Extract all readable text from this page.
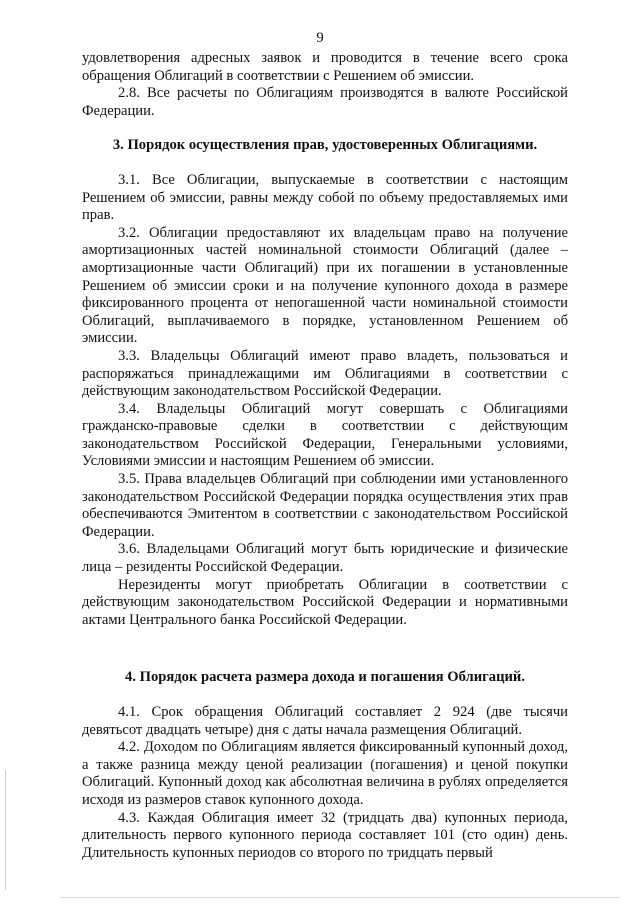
9

удовлетворения адресных заявок и проводится в течение всего срока обращения Облигаций в соответствии с Решением об эмиссии.

2.8. Все расчеты по Облигациям производятся в валюте Российской Федерации.

3. Порядок осуществления прав, удостоверенных Облигациями.

3.1. Все Облигации, выпускаемые в соответствии с настоящим Решением об эмиссии, равны между собой по объему предоставляемых ими прав.

3.2. Облигации предоставляют их владельцам право на получение амортизационных частей номинальной стоимости Облигаций (далее – амортизационные части Облигаций) при их погашении в установленные Решением об эмиссии сроки и на получение купонного дохода в размере фиксированного процента от непогашенной части номинальной стоимости Облигаций, выплачиваемого в порядке, установленном Решением об эмиссии.

3.3. Владельцы Облигаций имеют право владеть, пользоваться и распоряжаться принадлежащими им Облигациями в соответствии с действующим законодательством Российской Федерации.

3.4. Владельцы Облигаций могут совершать с Облигациями гражданско-правовые сделки в соответствии с действующим законодательством Российской Федерации, Генеральными условиями, Условиями эмиссии и настоящим Решением об эмиссии.

3.5. Права владельцев Облигаций при соблюдении ими установленного законодательством Российской Федерации порядка осуществления этих прав обеспечиваются Эмитентом в соответствии с законодательством Российской Федерации.

3.6. Владельцами Облигаций могут быть юридические и физические лица – резиденты Российской Федерации.

Нерезиденты могут приобретать Облигации в соответствии с действующим законодательством Российской Федерации и нормативными актами Центрального банка Российской Федерации.

4. Порядок расчета размера дохода и погашения Облигаций.

4.1. Срок обращения Облигаций составляет 2 924 (две тысячи девятьсот двадцать четыре) дня с даты начала размещения Облигаций.

4.2. Доходом по Облигациям является фиксированный купонный доход, а также разница между ценой реализации (погашения) и ценой покупки Облигаций. Купонный доход как абсолютная величина в рублях определяется исходя из размеров ставок купонного дохода.

4.3. Каждая Облигация имеет 32 (тридцать два) купонных периода, длительность первого купонного периода составляет 101 (сто один) день. Длительность купонных периодов со второго по тридцать первый
